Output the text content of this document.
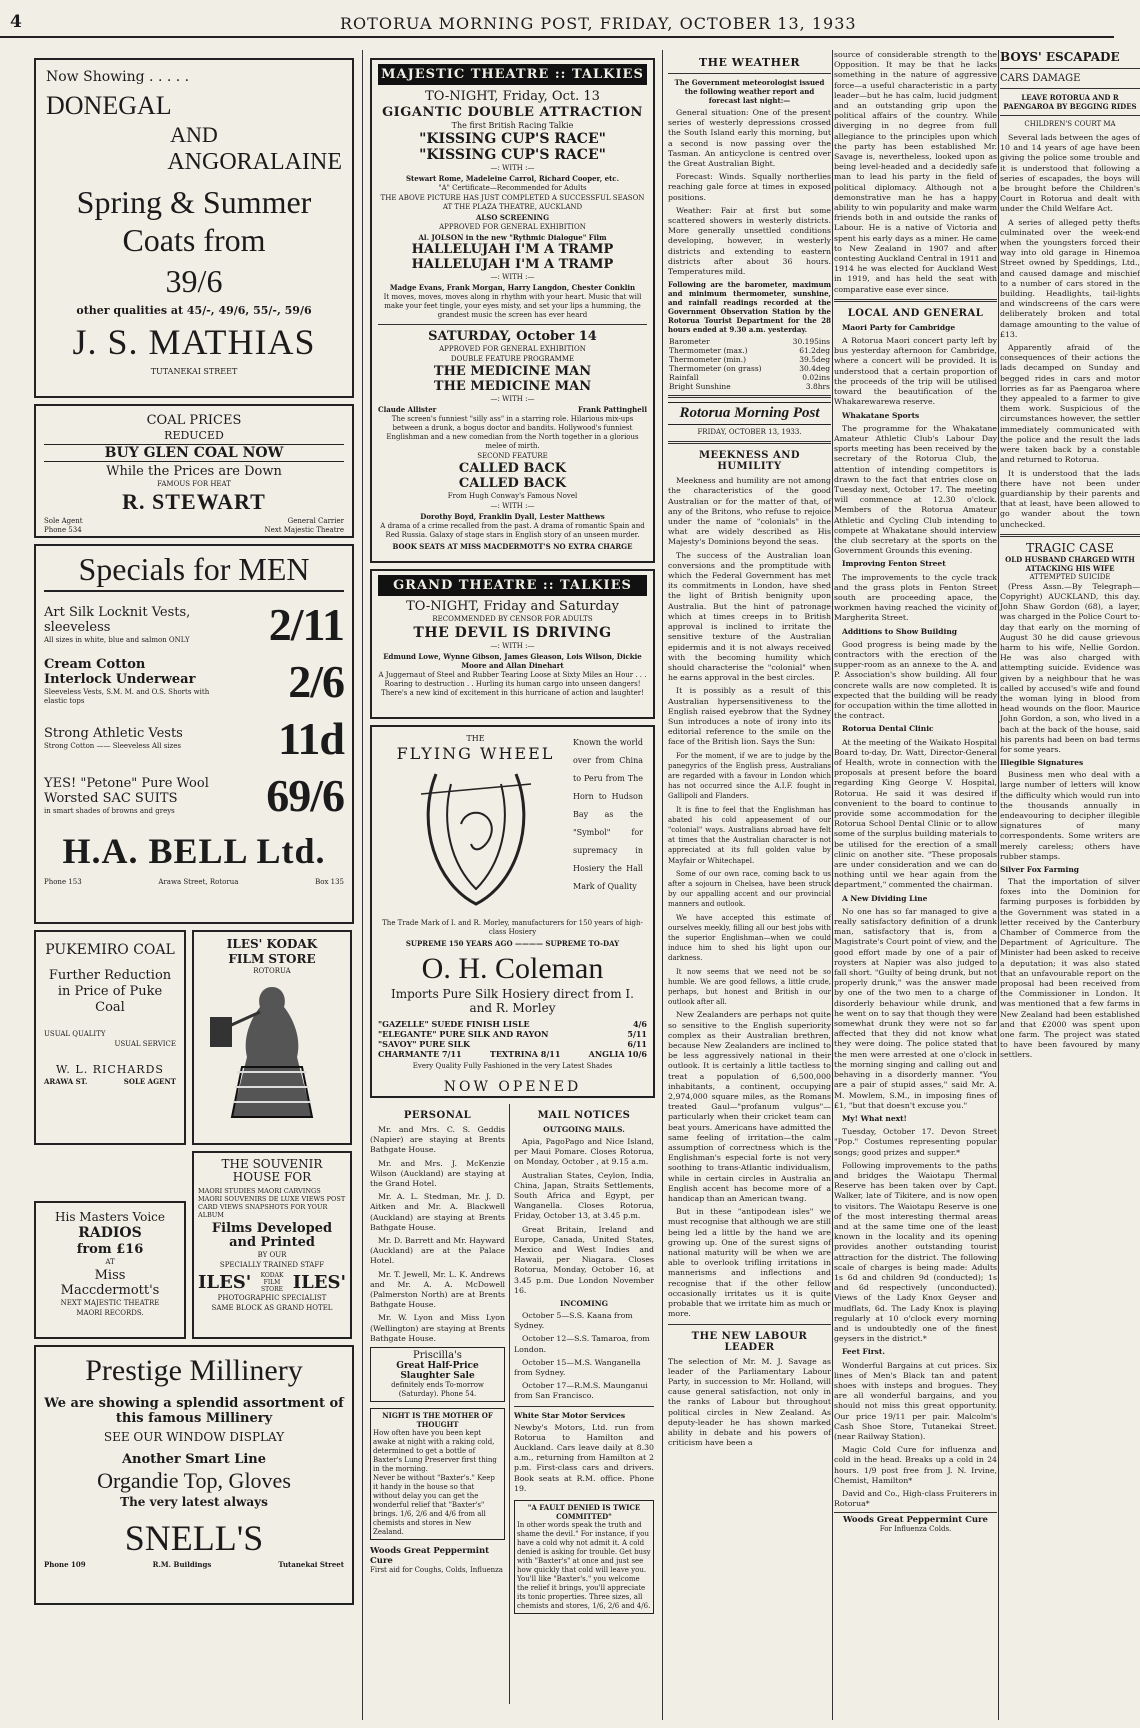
4	ROTORUA MORNING POST, FRIDAY, OCTOBER 13, 1933

Now Showing . . . . .

DONEGAL

AND

ANGORALAINE

Spring & Summer

Coats from

39/6

other qualities at 45/-, 49/6, 55/-, 59/6

J. S. MATHIAS

TUTANEKAI STREET

COAL PRICES

REDUCED

BUY GLEN COAL NOW

While the Prices are Down

FAMOUS FOR HEAT

R. STEWART

Sole Agent
Phone 534
General Carrier
Next Majestic Theatre

Specials for MEN

Art Silk Locknit Vests, sleeveless

All sizes in white, blue and salmon ONLY	2/11

Cream Cotton Interlock Underwear

Sleeveless Vests, S.M. M. and O.S. Shorts with elastic tops	2/6

Strong Athletic Vests

Strong Cotton —— Sleeveless All sizes	11d

YES! "Petone" Pure Wool Worsted SAC SUITS

in smart shades of browns and greys	69/6

H.A. BELL Ltd.

Phone 153	Arawa Street, Rotorua	Box 135

PUKEMIRO COAL

Further Reduction in Price of Puke Coal

USUAL QUALITY

USUAL SERVICE

W. L. RICHARDS

ARAWA ST.	SOLE AGENT

His Masters Voice

RADIOS

from £16

AT

Miss Maccdermott's

NEXT MAJESTIC THEATRE

MAORI RECORDS.

ILES' KODAK

FILM STORE

ROTORUA

THE SOUVENIR HOUSE FOR

MAORI STUDIES MAORI CARVINGS MAORI SOUVENIRS DE LUXE VIEWS POST CARD VIEWS SNAPSHOTS FOR YOUR ALBUM

Films Developed and Printed

BY OUR

SPECIALLY TRAINED STAFF

ILES'	KODAK FILM STORE ILES'

PHOTOGRAPHIC SPECIALIST

SAME BLOCK AS GRAND HOTEL

Prestige Millinery

We are showing a splendid assortment of this famous Millinery

SEE OUR WINDOW DISPLAY

Another Smart Line

Organdie Top, Gloves

The very latest always

SNELL'S

Phone 109	R.M. Buildings	Tutanekai Street
MAJESTIC THEATRE :: TALKIES

TO-NIGHT, Friday, Oct. 13

GIGANTIC DOUBLE ATTRACTION

The first British Racing Talkie

"KISSING CUP'S RACE"

"KISSING CUP'S RACE"

—: WITH :—

Stewart Rome, Madeleine Carrol, Richard Cooper, etc.

"A" Certificate—Recommended for Adults

THE ABOVE PICTURE HAS JUST COMPLETED A SUCCESSFUL SEASON AT THE PLAZA THEATRE, AUCKLAND

ALSO SCREENING

APPROVED FOR GENERAL EXHIBITION

Al. JOLSON in the new "Rythmic Dialogue" Film

HALLELUJAH I'M A TRAMP

HALLELUJAH I'M A TRAMP

—: WITH :—

Madge Evans, Frank Morgan, Harry Langdon, Chester Conklin

It moves, moves, moves along in rhythm with your heart. Music that will make your feet tingle, your eyes misty, and set your lips a humming, the grandest music the screen has ever heard

SATURDAY, October 14

APPROVED FOR GENERAL EXHIBITION

DOUBLE FEATURE PROGRAMME

THE MEDICINE MAN

THE MEDICINE MAN

—: WITH :—

Claude Allister	Frank Pattinghell

The screen's funniest "silly ass" in a starring role. Hilarious mix-ups between a drunk, a bogus doctor and bandits. Hollywood's funniest Englishman and a new comedian from the North together in a glorious melee of mirth.

SECOND FEATURE

CALLED BACK

CALLED BACK

From Hugh Conway's Famous Novel

—: WITH :—

Dorothy Boyd, Franklin Dyall, Lester Matthews

A drama of a crime recalled from the past. A drama of romantic Spain and Red Russia. Galaxy of stage stars in English story of an unseen murder.

BOOK SEATS AT MISS MACDERMOTT'S NO EXTRA CHARGE

GRAND THEATRE :: TALKIES

TO-NIGHT, Friday and Saturday

RECOMMENDED BY CENSOR FOR ADULTS

THE DEVIL IS DRIVING

—: WITH :—

Edmund Lowe, Wynne Gibson, James Gleason, Lois Wilson, Dickie Moore and Allan Dinehart

A Juggernaut of Steel and Rubber Tearing Loose at Sixty Miles an Hour . . . Roaring to destruction . . Hurling its human cargo into unseen dangers! There's a new kind of excitement in this hurricane of action and laughter!

THE

FLYING WHEEL

Known the world over from China to Peru from The Horn to Hudson Bay as the "Symbol" for supremacy in Hosiery the Hall Mark of Quality

The Trade Mark of I. and R. Morley, manufacturers for 150 years of high-class Hosiery

SUPREME 150 YEARS AGO ———— SUPREME TO-DAY

O. H. Coleman

Imports Pure Silk Hosiery direct from I. and R. Morley

"GAZELLE" SUEDE FINISH LISLE	4/6
"ELEGANTE" PURE SILK AND RAYON	5/11
"SAVOY" PURE SILK	6/11
CHARMANTE 7/11	TEXTRINA 8/11	ANGLIA 10/6

Every Quality Fully Fashioned in the very Latest Shades

NOW OPENED

PERSONAL

Mr. and Mrs. C. S. Geddis (Napier) are staying at Brents Bathgate House.

Mr. and Mrs. J. McKenzie Wilson (Auckland) are staying at the Grand Hotel.

Mr. A. L. Stedman, Mr. J. D. Aitken and Mr. A. Blackwell (Auckland) are staying at Brents Bathgate House.

Mr. D. Barrett and Mr. Hayward (Auckland) are at the Palace Hotel.

Mr. T. Jewell, Mr. L. K. Andrews and Mr. A. A. McDowell (Palmerston North) are at Brents Bathgate House.

Mr. W. Lyon and Miss Lyon (Wellington) are staying at Brents Bathgate House.

Priscilla's

Great Half-Price Slaughter Sale

definitely ends To-morrow (Saturday). Phone 54.

NIGHT IS THE MOTHER OF THOUGHT

How often have you been kept awake at night with a raking cold, determined to get a bottle of Baxter's Lung Preserver first thing in the morning.

Never be without "Baxter's." Keep it handy in the house so that without delay you can get the wonderful relief that "Baxter's" brings. 1/6, 2/6 and 4/6 from all chemists and stores in New Zealand.

Woods Great Peppermint Cure

First aid for Coughs, Colds, Influenza

MAIL NOTICES

OUTGOING MAILS.

Apia, PagoPago and Nice Island, per Maui Pomare. Closes Rotorua, on Monday, October , at 9.15 a.m.

Australian States, Ceylon, India, China, Japan, Straits Settlements, South Africa and Egypt, per Wanganella. Closes Rotorua, Friday, October 13, at 3.45 p.m.

Great Britain, Ireland and Europe, Canada, United States, Mexico and West Indies and Hawaii, per Niagara. Closes Rotorua, Monday, October 16, at 3.45 p.m. Due London November 16.

INCOMING

October 5—S.S. Kaana from Sydney.

October 12—S.S. Tamaroa, from London.

October 15—M.S. Wanganella from Sydney.

October 17—R.M.S. Maunganui from San Francisco.

White Star Motor Services

Newby's Motors, Ltd. run from Rotorua to Hamilton and Auckland. Cars leave daily at 8.30 a.m., returning from Hamilton at 2 p.m. First-class cars and drivers. Book seats at R.M. office. Phone 19.

"A FAULT DENIED IS TWICE COMMITTED"

In other words speak the truth and shame the devil." For instance, if you have a cold why not admit it. A cold denied is asking for trouble. Get busy with "Baxter's" at once and just see how quickly that cold will leave you. You'll like "Baxter's." you welcome the relief it brings, you'll appreciate its tonic properties. Three sizes, all chemists and stores, 1/6, 2/6 and 4/6.

THE WEATHER

The Government meteorologist issued the following weather report and forecast last night:—

General situation: One of the present series of westerly depressions crossed the South Island early this morning, but a second is now passing over the Tasman. An anticyclone is centred over the Great Australian Bight.

Forecast: Winds. Squally northerlies reaching gale force at times in exposed positions.

Weather: Fair at first but some scattered showers in westerly districts. More generally unsettled conditions developing, however, in westerly districts and extending to eastern districts after about 36 hours. Temperatures mild.

Following are the barometer, maximum and minimum thermometer, sunshine, and rainfall readings recorded at the Government Observation Station by the Rotorua Tourist Department for the 28 hours ended at 9.30 a.m. yesterday.

Barometer	30.195ins
Thermometer (max.)	61.2deg
Thermometer (min.)	39.5deg
Thermometer (on grass)	30.4deg
Rainfall	0.02ins
Bright Sunshine	3.8hrs

Rotorua Morning Post

FRIDAY, OCTOBER 13, 1933.

MEEKNESS AND HUMILITY

Meekness and humility are not among the characteristics of the good Australian or for the matter of that, of any of the Britons, who refuse to rejoice under the name of "colonials" in the what are widely described as His Majesty's Dominions beyond the seas.

The success of the Australian loan conversions and the promptitude with which the Federal Government has met its commitments in London, have shed the light of British benignity upon Australia. But the hint of patronage which at times creeps in to British approval is inclined to irritate the sensitive texture of the Australian epidermis and it is not always received with the becoming humility which should characterise the "colonial" when he earns approval in the best circles.

It is possibly as a result of this Australian hypersensitiveness to the English raised eyebrow that the Sydney Sun introduces a note of irony into its editorial reference to the smile on the face of the British lion. Says the Sun:

For the moment, if we are to judge by the panegyrics of the English press, Australians are regarded with a favour in London which has not occurred since the A.I.F. fought in Gallipoli and Flanders.

It is fine to feel that the Englishman has abated his cold appeasement of our "colonial" ways. Australians abroad have felt at times that the Australian character is not appreciated at its full golden value by Mayfair or Whitechapel.

Some of our own race, coming back to us after a sojourn in Chelsea, have been struck by our appalling accent and our provincial manners and outlook.

We have accepted this estimate of ourselves meekly, filling all our best jobs with the superior Englishman—when we could induce him to shed his light upon our darkness.

It now seems that we need not be so humble. We are good fellows, a little crude, perhaps, but honest and British in our outlook after all.

New Zealanders are perhaps not quite so sensitive to the English superiority complex as their Australian brethren, because New Zealanders are inclined to be less aggressively national in their outlook. It is certainly a little tactless to treat a population of 6,500,000 inhabitants, a continent, occupying 2,974,000 square miles, as the Romans treated Gaul—"profanum vulgus"—particularly when their cricket team can beat yours. Americans have admitted the same feeling of irritation—the calm assumption of correctness which is the Englishman's especial forte is not very soothing to trans-Atlantic individualism, while in certain circles in Australia an English accent has become more of a handicap than an American twang.

But in these "antipodean isles" we must recognise that although we are still being led a little by the hand we are growing up. One of the surest signs of national maturity will be when we are able to overlook trifling irritations in mannerisms and inflections and recognise that if the other fellow occasionally irritates us it is quite probable that we irritate him as much or more.

THE NEW LABOUR LEADER

The selection of Mr. M. J. Savage as leader of the Parliamentary Labour Party, in succession to Mr. Holland, will cause general satisfaction, not only in the ranks of Labour but throughout political circles in New Zealand. As deputy-leader he has shown marked ability in debate and his powers of criticism have been a

source of considerable strength to the Opposition. It may be that he lacks something in the nature of aggressive force—a useful characteristic in a party leader—but he has calm, lucid judgment and an outstanding grip upon the political affairs of the country. While diverging in no degree from full allegiance to the principles upon which the party has been established Mr. Savage is, nevertheless, looked upon as being level-headed and a decidedly safe man to lead his party in the field of political diplomacy. Although not a demonstrative man he has a happy ability to win popularity and make warm friends both in and outside the ranks of Labour. He is a native of Victoria and spent his early days as a miner. He came to New Zealand in 1907 and after contesting Auckland Central in 1911 and 1914 he was elected for Auckland West in 1919, and has held the seat with comparative ease ever since.

LOCAL AND GENERAL

Maori Party for Cambridge

A Rotorua Maori concert party left by bus yesterday afternoon for Cambridge, where a concert will be provided. It is understood that a certain proportion of the proceeds of the trip will be utilised toward the beautification of the Whakarewarewa reserve.

Whakatane Sports

The programme for the Whakatane Amateur Athletic Club's Labour Day sports meeting has been received by the secretary of the Rotorua Club, the attention of intending competitors is drawn to the fact that entries close on Tuesday next, October 17. The meeting will commence at 12.30 o'clock. Members of the Rotorua Amateur Athletic and Cycling Club intending to compete at Whakatane should interview the club secretary at the sports on the Government Grounds this evening.

Improving Fenton Street

The improvements to the cycle track and the grass plots in Fenton Street south are proceeding apace, the workmen having reached the vicinity of Margherita Street.

Additions to Show Building

Good progress is being made by the contractors with the erection of the supper-room as an annexe to the A. and P. Association's show building. All four concrete walls are now completed. It is expected that the building will be ready for occupation within the time allotted in the contract.

Rotorua Dental Clinic

At the meeting of the Waikato Hospital Board to-day, Dr. Watt, Director-General of Health, wrote in connection with the proposals at present before the board regarding King George V. Hospital, Rotorua. He said it was desired if convenient to the board to continue to provide some accommodation for the Rotorua School Dental Clinic or to allow some of the surplus building materials to be utilised for the erection of a small clinic on another site. "These proposals are under consideration and we can do nothing until we hear again from the department," commented the chairman.

A New Dividing Line

No one has so far managed to give a really satisfactory definition of a drunk man, satisfactory that is, from a Magistrate's Court point of view, and the good effort made by one of a pair of roysters at Napier was also judged to fall short. "Guilty of being drunk, but not properly drunk," was the answer made by one of the two men to a charge of disorderly behaviour while drunk, and he went on to say that though they were somewhat drunk they were not so far affected that they did not know what they were doing. The police stated that the men were arrested at one o'clock in the morning singing and calling out and behaving in a disorderly manner. "You are a pair of stupid asses," said Mr. A. M. Mowlem, S.M., in imposing fines of £1, "but that doesn't excuse you."

My! What next!

Tuesday, October 17. Devon Street "Pop." Costumes representing popular songs; good prizes and supper.*

Following improvements to the paths and bridges the Waiotapu Thermal Reserve has been taken over by Capt. Walker, late of Tikitere, and is now open to visitors. The Waiotapu Reserve is one of the most interesting thermal areas and at the same time one of the least known in the locality and its opening provides another outstanding tourist attraction for the district. The following scale of charges is being made: Adults 1s 6d and children 9d (conducted); 1s and 6d respectively (unconducted). Views of the Lady Knox Geyser and mudflats, 6d. The Lady Knox is playing regularly at 10 o'clock every morning and is undoubtedly one of the finest geysers in the district.*

Feet First.

Wonderful Bargains at cut prices. Six lines of Men's Black tan and patent shoes with insteps and brogues. They are all wonderful bargains, and you should not miss this great opportunity. Our price 19/11 per pair. Malcolm's Cash Shoe Store, Tutanekai Street. (near Railway Station).

Magic Cold Cure for influenza and cold in the head. Breaks up a cold in 24 hours. 1/9 post free from J. N. Irvine, Chemist, Hamilton*

David and Co., High-class Fruiterers in Rotorua*

Woods Great Peppermint Cure

For Influenza Colds.

BOYS' ESCAPADE

CARS DAMAGE

LEAVE ROTORUA AND R PAENGAROA BY BEGGING RIDES

CHILDREN'S COURT MA

Several lads between the ages of 10 and 14 years of age have been giving the police some trouble and it is understood that following a series of escapades, the boys will be brought before the Children's Court in Rotorua and dealt with under the Child Welfare Act.

A series of alleged petty thefts culminated over the week-end when the youngsters forced their way into old garage in Hinemoa Street owned by Speddings, Ltd., and caused damage and mischief to a number of cars stored in the building. Headlights, tail-lights and windscreens of the cars were deliberately broken and total damage amounting to the value of £13.

Apparently afraid of the consequences of their actions the lads decamped on Sunday and begged rides in cars and motor lorries as far as Paengaroa where they appealed to a farmer to give them work. Suspicious of the circumstances however, the settler immediately communicated with the police and the result the lads were taken back by a constable and returned to Rotorua.

It is understood that the lads there have not been under guardianship by their parents and that at least, have been allowed to go wander about the town unchecked.

TRAGIC CASE

OLD HUSBAND CHARGED WITH ATTACKING HIS WIFE

ATTEMPTED SUICIDE

(Press Assn.—By Telegraph—Copyright) AUCKLAND, this day. John Shaw Gordon (68), a layer, was charged in the Police Court to-day that early on the morning of August 30 he did cause grievous harm to his wife, Nellie Gordon. He was also charged with attempting suicide. Evidence was given by a neighbour that he was called by accused's wife and found the woman lying in blood from head wounds on the floor. Maurice John Gordon, a son, who lived in a bach at the back of the house, said his parents had been on bad terms for some years.

Illegible Signatures

Business men who deal with a large number of letters will know the difficulty which would run into the thousands annually in endeavouring to decipher illegible signatures of many correspondents. Some writers are merely careless; others have rubber stamps.

Silver Fox Farming

That the importation of silver foxes into the Dominion for farming purposes is forbidden by the Government was stated in a letter received by the Canterbury Chamber of Commerce from the Department of Agriculture. The Minister had been asked to receive a deputation; it was also stated that an unfavourable report on the proposal had been received from the Commissioner in London. It was mentioned that a few farms in New Zealand had been established and that £2000 was spent upon one farm. The project was stated to have been favoured by many settlers.
